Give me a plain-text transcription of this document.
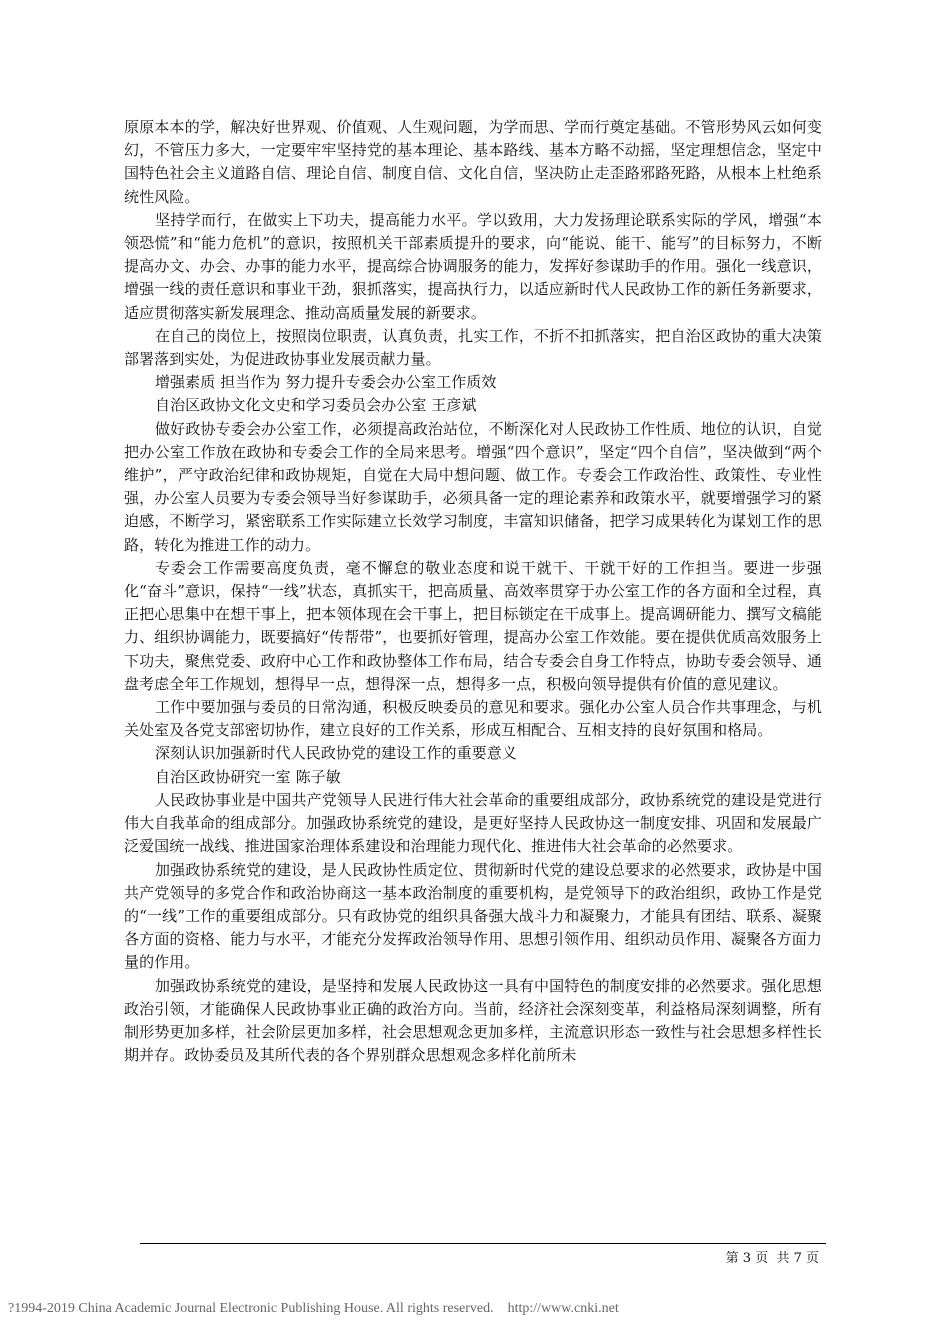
原原本本的学，解决好世界观、价值观、人生观问题，为学而思、学而行奠定基础。不管形势风云如何变幻，不管压力多大，一定要牢牢坚持党的基本理论、基本路线、基本方略不动摇，坚定理想信念，坚定中国特色社会主义道路自信、理论自信、制度自信、文化自信，坚决防止走歪路邪路死路，从根本上杜绝系统性风险。

坚持学而行，在做实上下功夫，提高能力水平。学以致用，大力发扬理论联系实际的学风，增强“本领恐慌”和“能力危机”的意识，按照机关干部素质提升的要求，向“能说、能干、能写”的目标努力，不断提高办文、办会、办事的能力水平，提高综合协调服务的能力，发挥好参谋助手的作用。强化一线意识，增强一线的责任意识和事业干劲，狠抓落实，提高执行力，以适应新时代人民政协工作的新任务新要求，适应贯彻落实新发展理念、推动高质量发展的新要求。

在自己的岗位上，按照岗位职责，认真负责，扎实工作，不折不扣抓落实，把自治区政协的重大决策部署落到实处，为促进政协事业发展贡献力量。

增强素质 担当作为 努力提升专委会办公室工作质效

自治区政协文化文史和学习委员会办公室 王彦斌

做好政协专委会办公室工作，必须提高政治站位，不断深化对人民政协工作性质、地位的认识，自觉把办公室工作放在政协和专委会工作的全局来思考。增强“四个意识”，坚定“四个自信”，坚决做到“两个维护”，严守政治纪律和政协规矩，自觉在大局中想问题、做工作。专委会工作政治性、政策性、专业性强，办公室人员要为专委会领导当好参谋助手，必须具备一定的理论素养和政策水平，就要增强学习的紧迫感，不断学习，紧密联系工作实际建立长效学习制度，丰富知识储备，把学习成果转化为谋划工作的思路，转化为推进工作的动力。

专委会工作需要高度负责，毫不懈怠的敬业态度和说干就干、干就干好的工作担当。要进一步强化“奋斗”意识，保持“一线”状态，真抓实干，把高质量、高效率贯穿于办公室工作的各方面和全过程，真正把心思集中在想干事上，把本领体现在会干事上，把目标锁定在干成事上。提高调研能力、撰写文稿能力、组织协调能力，既要搞好“传帮带”，也要抓好管理，提高办公室工作效能。要在提供优质高效服务上下功夫，聚焦党委、政府中心工作和政协整体工作布局，结合专委会自身工作特点，协助专委会领导、通盘考虑全年工作规划，想得早一点，想得深一点，想得多一点，积极向领导提供有价值的意见建议。

工作中要加强与委员的日常沟通，积极反映委员的意见和要求。强化办公室人员合作共事理念，与机关处室及各党支部密切协作，建立良好的工作关系，形成互相配合、互相支持的良好氛围和格局。

深刻认识加强新时代人民政协党的建设工作的重要意义

自治区政协研究一室 陈子敏

人民政协事业是中国共产党领导人民进行伟大社会革命的重要组成部分，政协系统党的建设是党进行伟大自我革命的组成部分。加强政协系统党的建设，是更好坚持人民政协这一制度安排、巩固和发展最广泛爱国统一战线、推进国家治理体系建设和治理能力现代化、推进伟大社会革命的必然要求。

加强政协系统党的建设，是人民政协性质定位、贯彻新时代党的建设总要求的必然要求，政协是中国共产党领导的多党合作和政治协商这一基本政治制度的重要机构，是党领导下的政治组织，政协工作是党的“一线”工作的重要组成部分。只有政协党的组织具备强大战斗力和凝聚力，才能具有团结、联系、凝聚各方面的资格、能力与水平，才能充分发挥政治领导作用、思想引领作用、组织动员作用、凝聚各方面力量的作用。

加强政协系统党的建设，是坚持和发展人民政协这一具有中国特色的制度安排的必然要求。强化思想政治引领，才能确保人民政协事业正确的政治方向。当前，经济社会深刻变革，利益格局深刻调整，所有制形势更加多样，社会阶层更加多样，社会思想观念更加多样，主流意识形态一致性与社会思想多样性长期并存。政协委员及其所代表的各个界别群众思想观念多样化前所未

第 3 页  共 7 页
?1994-2019 China Academic Journal Electronic Publishing House. All rights reserved.    http://www.cnki.net
